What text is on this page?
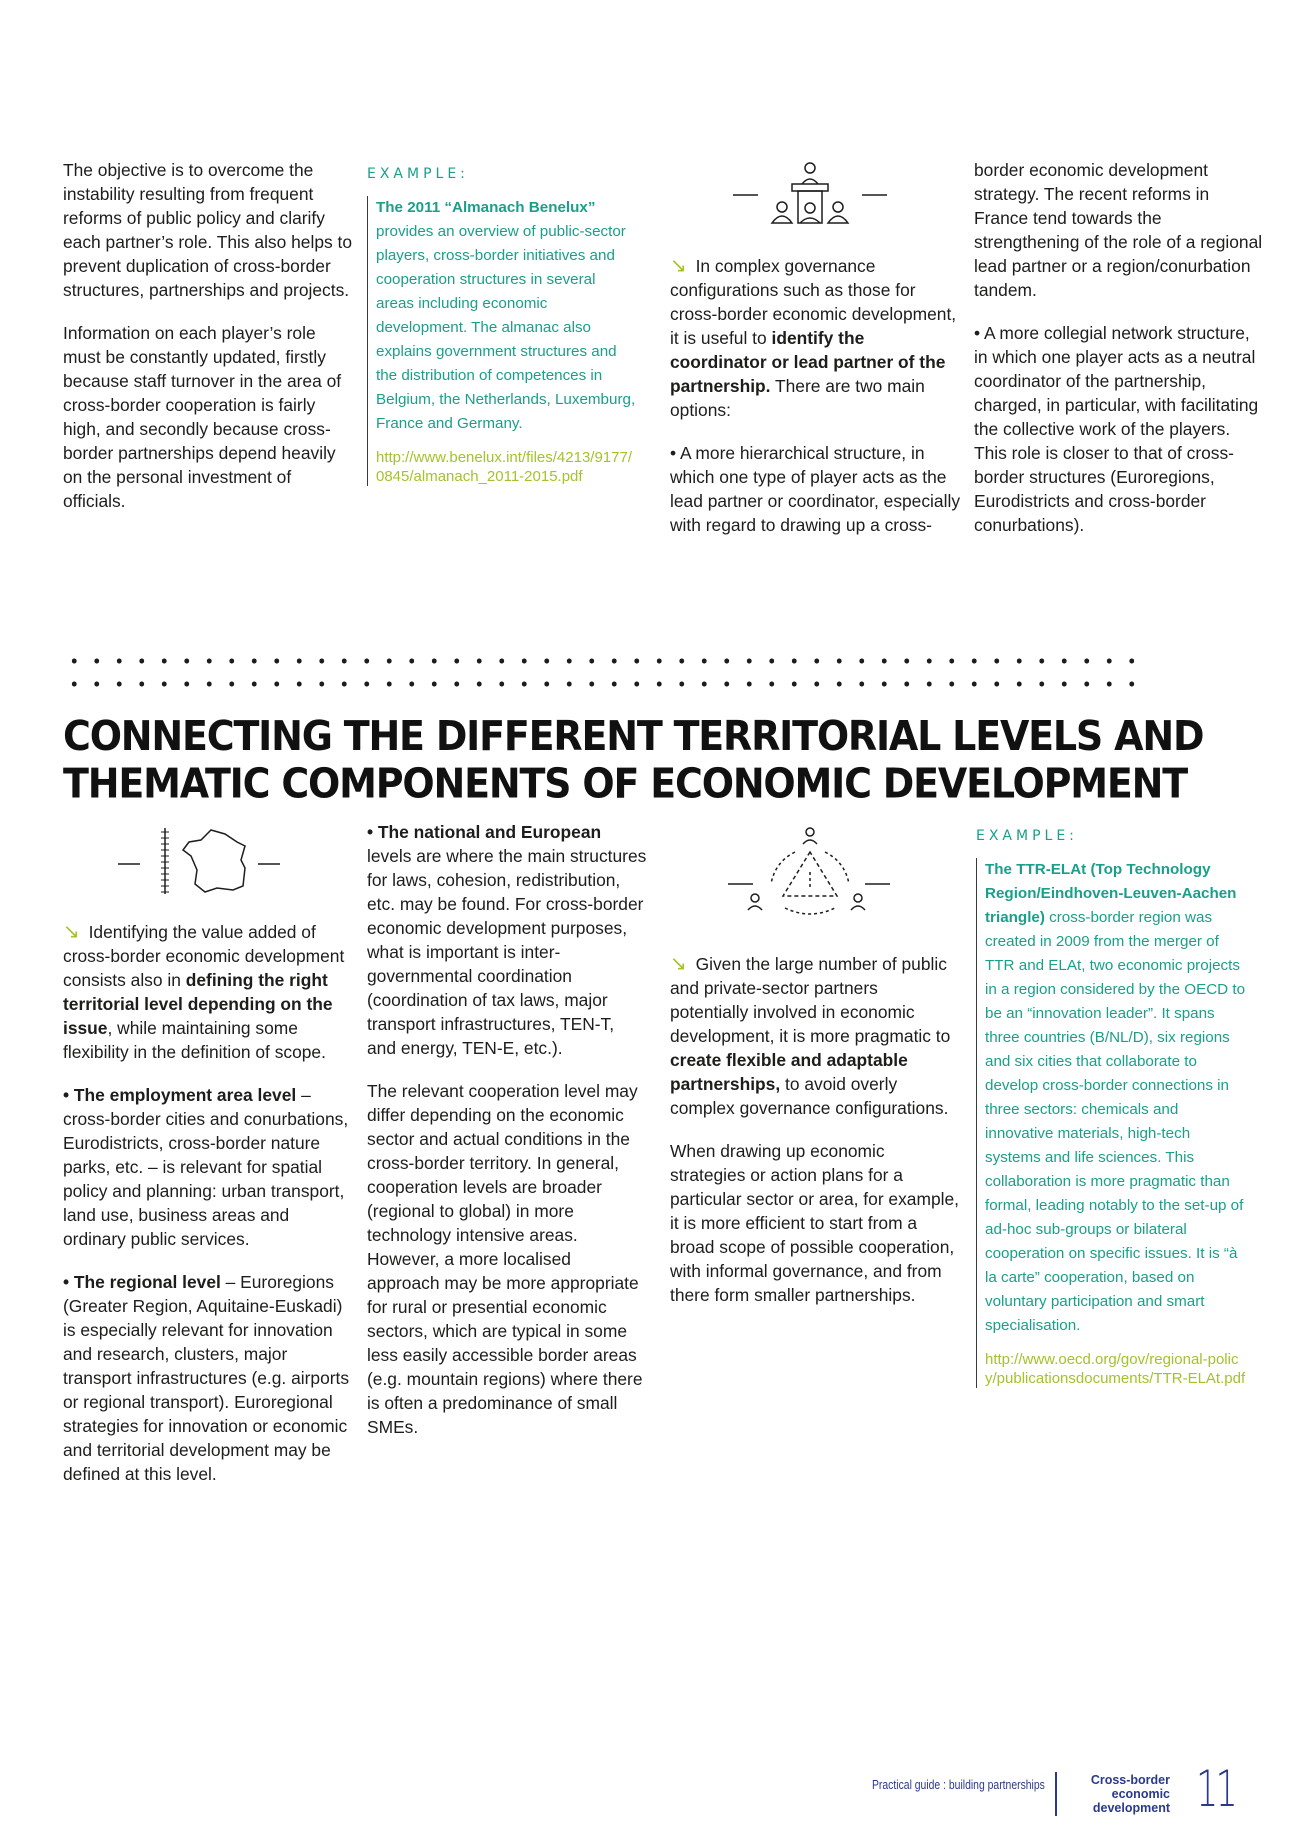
The objective is to overcome the instability resulting from frequent reforms of public policy and clarify each partner’s role. This also helps to prevent duplication of cross-border structures, partnerships and projects.

Information on each player’s role must be constantly updated, firstly because staff turnover in the area of cross-border cooperation is fairly high, and secondly because cross-border partnerships depend heavily on the personal investment of officials.

EXAMPLE:
The 2011 “Almanach Benelux” provides an overview of public-sector players, cross-border initiatives and cooperation structures in several areas including economic development. The almanac also explains government structures and the distribution of competences in Belgium, the Netherlands, Luxemburg, France and Germany.
http://www.benelux.int/files/4213/9177/0845/almanach_2011-2015.pdf

↘ In complex governance configurations such as those for cross-border economic development, it is useful to identify the coordinator or lead partner of the partnership. There are two main options:

• A more hierarchical structure, in which one type of player acts as the lead partner or coordinator, especially with regard to drawing up a cross-

border economic development strategy. The recent reforms in France tend towards the strengthening of the role of a regional lead partner or a region/conurbation tandem.

• A more collegial network structure, in which one player acts as a neutral coordinator of the partnership, charged, in particular, with facilitating the collective work of the players. This role is closer to that of cross-border structures (Euroregions, Eurodistricts and cross-border conurbations).

CONNECTING THE DIFFERENT TERRITORIAL LEVELS AND
THEMATIC COMPONENTS OF ECONOMIC DEVELOPMENT

↘ Identifying the value added of cross-border economic development consists also in defining the right territorial level depending on the issue, while maintaining some flexibility in the definition of scope.

• The employment area level – cross-border cities and conurbations, Eurodistricts, cross-border nature parks, etc. – is relevant for spatial policy and planning: urban transport, land use, business areas and ordinary public services.

• The regional level – Euroregions (Greater Region, Aquitaine-Euskadi) is especially relevant for innovation and research, clusters, major transport infrastructures (e.g. airports or regional transport). Euroregional strategies for innovation or economic and territorial development may be defined at this level.

• The national and European levels are where the main structures for laws, cohesion, redistribution, etc. may be found. For cross-border economic development purposes, what is important is inter-governmental coordination (coordination of tax laws, major transport infrastructures, TEN-T, and energy, TEN-E, etc.).

The relevant cooperation level may differ depending on the economic sector and actual conditions in the cross-border territory. In general, cooperation levels are broader (regional to global) in more technology intensive areas. However, a more localised approach may be more appropriate for rural or presential economic sectors, which are typical in some less easily accessible border areas (e.g. mountain regions) where there is often a predominance of small SMEs.

↘ Given the large number of public and private-sector partners potentially involved in economic development, it is more pragmatic to create flexible and adaptable partnerships, to avoid overly complex governance configurations.

When drawing up economic strategies or action plans for a particular sector or area, for example, it is more efficient to start from a broad scope of possible cooperation, with informal governance, and from there form smaller partnerships.

EXAMPLE:
The TTR-ELAt (Top Technology Region/Eindhoven-Leuven-Aachen triangle) cross-border region was created in 2009 from the merger of TTR and ELAt, two economic projects in a region considered by the OECD to be an “innovation leader”. It spans three countries (B/NL/D), six regions and six cities that collaborate to develop cross-border connections in three sectors: chemicals and innovative materials, high-tech systems and life sciences. This collaboration is more pragmatic than formal, leading notably to the set-up of ad-hoc sub-groups or bilateral cooperation on specific issues. It is “à la carte” cooperation, based on voluntary participation and smart specialisation.
http://www.oecd.org/gov/regional-policy/publicationsdocuments/TTR-ELAt.pdf
Practical guide : building partnerships	Cross-border economic development 11
